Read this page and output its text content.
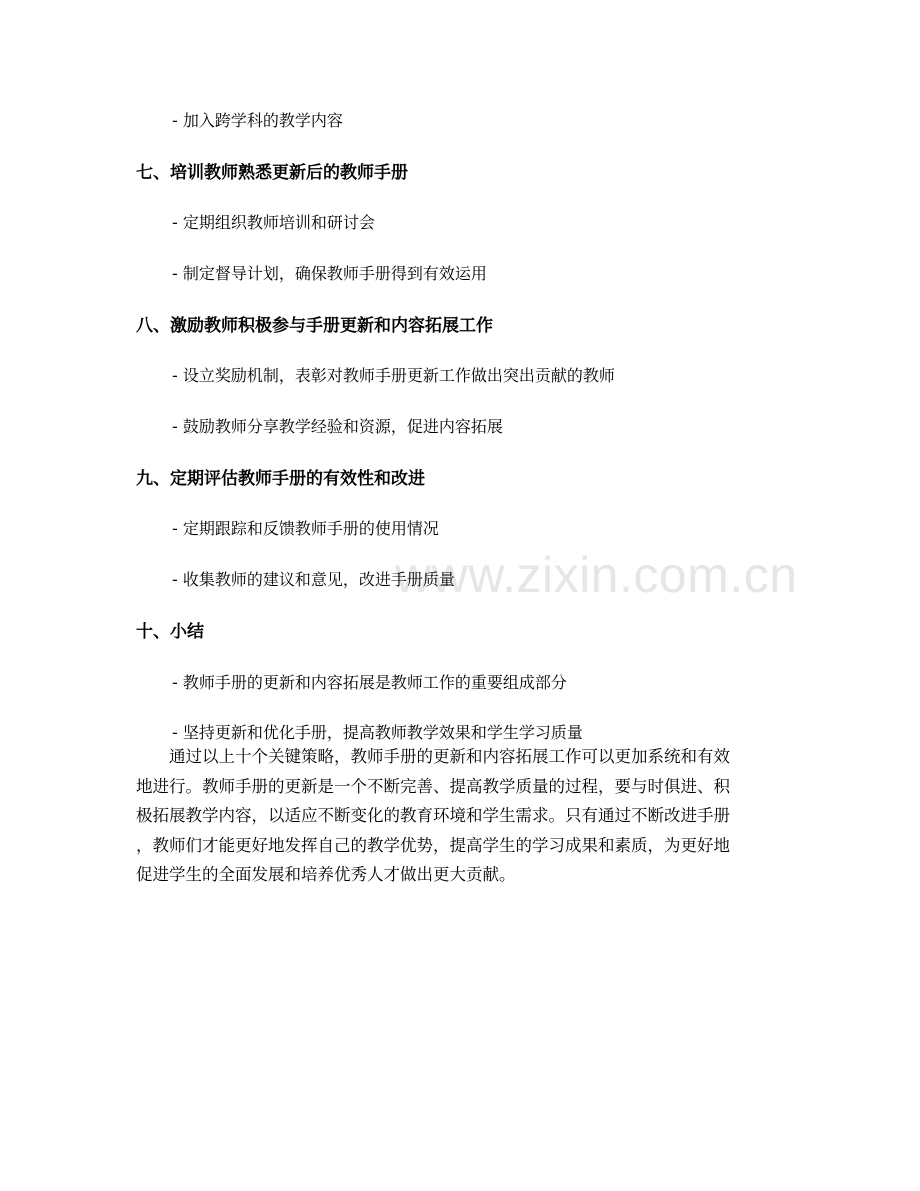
www.zixin.com.cn
- 加入跨学科的教学内容
七、培训教师熟悉更新后的教师手册
- 定期组织教师培训和研讨会
- 制定督导计划，确保教师手册得到有效运用
八、激励教师积极参与手册更新和内容拓展工作
- 设立奖励机制，表彰对教师手册更新工作做出突出贡献的教师
- 鼓励教师分享教学经验和资源，促进内容拓展
九、定期评估教师手册的有效性和改进
- 定期跟踪和反馈教师手册的使用情况
- 收集教师的建议和意见，改进手册质量
十、小结
- 教师手册的更新和内容拓展是教师工作的重要组成部分
- 坚持更新和优化手册，提高教师教学效果和学生学习质量
通过以上十个关键策略，教师手册的更新和内容拓展工作可以更加系统和有效
地进行。教师手册的更新是一个不断完善、提高教学质量的过程，要与时俱进、积
极拓展教学内容，以适应不断变化的教育环境和学生需求。只有通过不断改进手册
，教师们才能更好地发挥自己的教学优势，提高学生的学习成果和素质，为更好地
促进学生的全面发展和培养优秀人才做出更大贡献。
